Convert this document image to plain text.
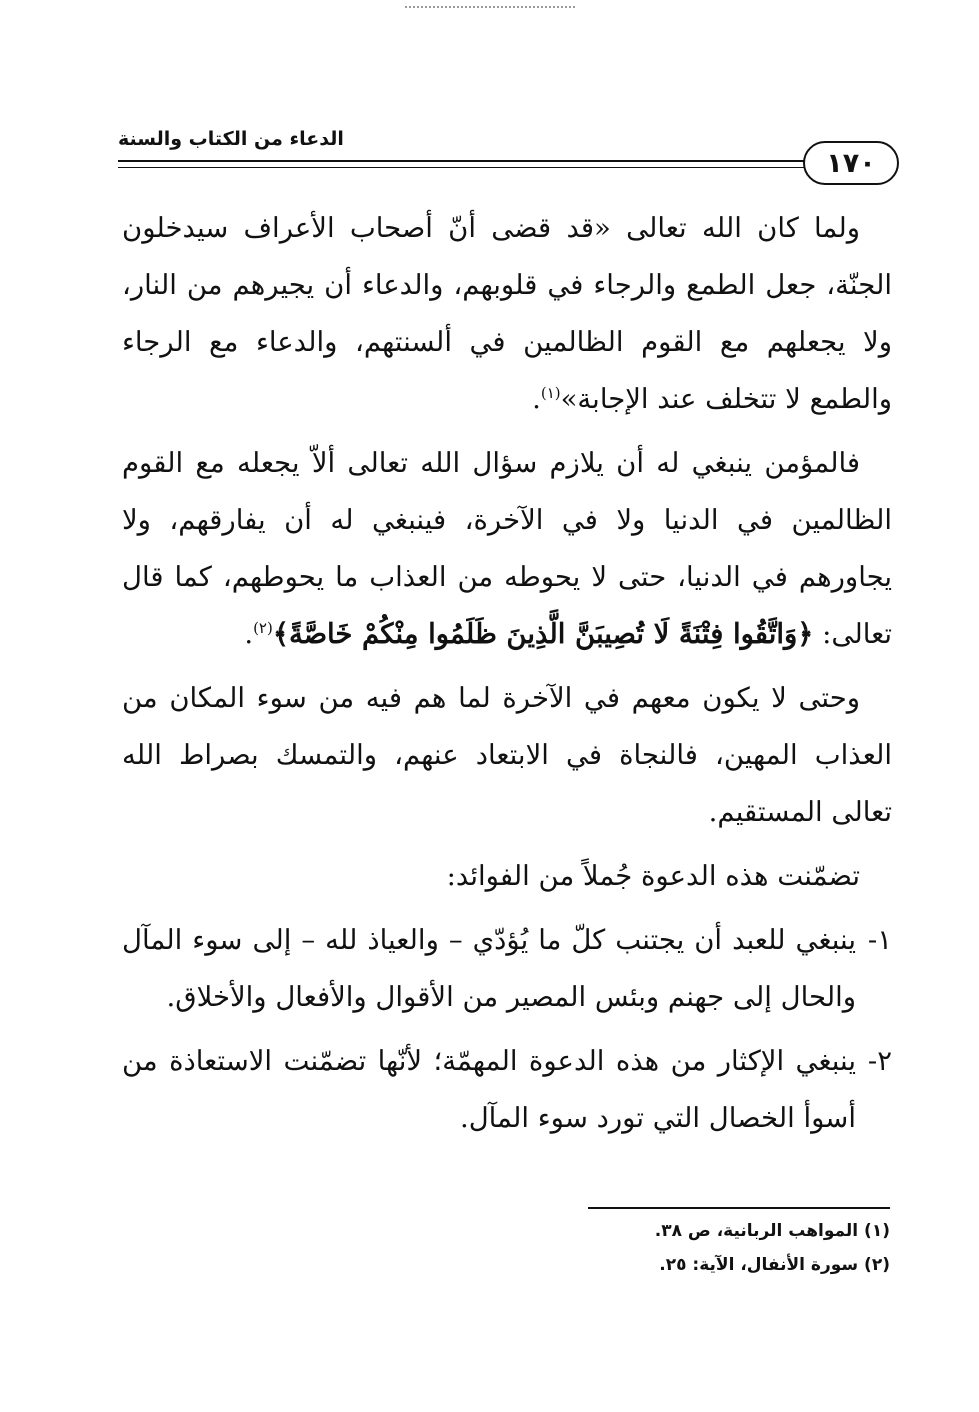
الدعاء من الكتاب والسنة
١٧٠

ولما كان الله تعالى «قد قضى أنّ أصحاب الأعراف سيدخلون الجنّة، جعل الطمع والرجاء في قلوبهم، والدعاء أن يجيرهم من النار، ولا يجعلهم مع القوم الظالمين في ألسنتهم، والدعاء مع الرجاء والطمع لا تتخلف عند الإجابة»$^{(١)}$.

فالمؤمن ينبغي له أن يلازم سؤال الله تعالى ألاّ يجعله مع القوم الظالمين في الدنيا ولا في الآخرة، فينبغي له أن يفارقهم، ولا يجاورهم في الدنيا، حتى لا يحوطه من العذاب ما يحوطهم، كما قال تعالى: ﴿وَاتَّقُوا فِتْنَةً لَا تُصِيبَنَّ الَّذِينَ ظَلَمُوا مِنْكُمْ خَاصَّةً﴾$^{(٢)}$.

وحتى لا يكون معهم في الآخرة لما هم فيه من سوء المكان من العذاب المهين، فالنجاة في الابتعاد عنهم، والتمسك بصراط الله تعالى المستقيم.

تضمّنت هذه الدعوة جُملاً من الفوائد:

١-
ينبغي للعبد أن يجتنب كلّ ما يُؤدّي – والعياذ لله – إلى سوء المآل والحال إلى جهنم وبئس المصير من الأقوال والأفعال والأخلاق.

٢-
ينبغي الإكثار من هذه الدعوة المهمّة؛ لأنّها تضمّنت الاستعاذة من أسوأ الخصال التي تورد سوء المآل.

(١) المواهب الربانية، ص ٣٨.
(٢) سورة الأنفال، الآية: ٢٥.
